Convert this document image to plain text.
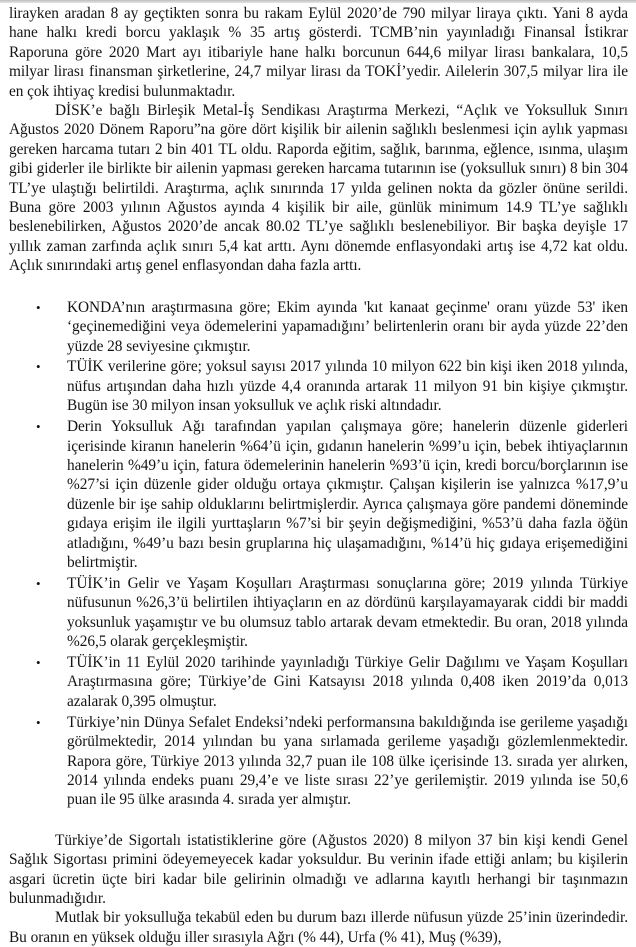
lirayken aradan 8 ay geçtikten sonra bu rakam Eylül 2020’de 790 milyar liraya çıktı. Yani 8 ayda hane halkı kredi borcu yaklaşık % 35 artış gösterdi. TCMB’nin yayınladığı Finansal İstikrar Raporuna göre 2020 Mart ayı itibariyle hane halkı borcunun 644,6 milyar lirası bankalara, 10,5 milyar lirası finansman şirketlerine, 24,7 milyar lirası da TOKİ’yedir. Ailelerin 307,5 milyar lira ile en çok ihtiyaç kredisi bulunmaktadır.

DİSK’e bağlı Birleşik Metal-İş Sendikası Araştırma Merkezi, “Açlık ve Yoksulluk Sınırı Ağustos 2020 Dönem Raporu”na göre dört kişilik bir ailenin sağlıklı beslenmesi için aylık yapması gereken harcama tutarı 2 bin 401 TL oldu. Raporda eğitim, sağlık, barınma, eğlence, ısınma, ulaşım gibi giderler ile birlikte bir ailenin yapması gereken harcama tutarının ise (yoksulluk sınırı) 8 bin 304 TL’ye ulaştığı belirtildi. Araştırma, açlık sınırında 17 yılda gelinen nokta da gözler önüne serildi. Buna göre 2003 yılının Ağustos ayında 4 kişilik bir aile, günlük minimum 14.9 TL’ye sağlıklı beslenebilirken, Ağustos 2020’de ancak 80.02 TL’ye sağlıklı beslenebiliyor. Bir başka deyişle 17 yıllık zaman zarfında açlık sınırı 5,4 kat arttı. Aynı dönemde enflasyondaki artış ise 4,72 kat oldu. Açlık sınırındaki artış genel enflasyondan daha fazla arttı.

• KONDA’nın araştırmasına göre; Ekim ayında 'kıt kanaat geçinme' oranı yüzde 53' iken ‘geçinemediğini veya ödemelerini yapamadığını’ belirtenlerin oranı bir ayda yüzde 22’den yüzde 28 seviyesine çıkmıştır.
• TÜİK verilerine göre; yoksul sayısı 2017 yılında 10 milyon 622 bin kişi iken 2018 yılında, nüfus artışından daha hızlı yüzde 4,4 oranında artarak 11 milyon 91 bin kişiye çıkmıştır. Bugün ise 30 milyon insan yoksulluk ve açlık riski altındadır.
• Derin Yoksulluk Ağı tarafından yapılan çalışmaya göre; hanelerin düzenle giderleri içerisinde kiranın hanelerin %64’ü için, gıdanın hanelerin %99’u için, bebek ihtiyaçlarının hanelerin %49’u için, fatura ödemelerinin hanelerin %93’ü için, kredi borcu/borçlarının ise %27’si için düzenle gider olduğu ortaya çıkmıştır. Çalışan kişilerin ise yalnızca %17,9’u düzenle bir işe sahip olduklarını belirtmişlerdir. Ayrıca çalışmaya göre pandemi döneminde gıdaya erişim ile ilgili yurttaşların %7’si bir şeyin değişmediğini, %53’ü daha fazla öğün atladığını, %49’u bazı besin gruplarına hiç ulaşamadığını, %14’ü hiç gıdaya erişemediğini belirtmiştir.
• TÜİK’in Gelir ve Yaşam Koşulları Araştırması sonuçlarına göre; 2019 yılında Türkiye nüfusunun %26,3’ü belirtilen ihtiyaçların en az dördünü karşılayamayarak ciddi bir maddi yoksunluk yaşamıştır ve bu olumsuz tablo artarak devam etmektedir. Bu oran, 2018 yılında %26,5 olarak gerçekleşmiştir.
• TÜİK’in 11 Eylül 2020 tarihinde yayınladığı Türkiye Gelir Dağılımı ve Yaşam Koşulları Araştırmasına göre; Türkiye’de Gini Katsayısı 2018 yılında 0,408 iken 2019’da 0,013 azalarak 0,395 olmuştur.
• Türkiye’nin Dünya Sefalet Endeksi’ndeki performansına bakıldığında ise gerileme yaşadığı görülmektedir, 2014 yılından bu yana sırlamada gerileme yaşadığı gözlemlenmektedir. Rapora göre, Türkiye 2013 yılında 32,7 puan ile 108 ülke içerisinde 13. sırada yer alırken, 2014 yılında endeks puanı 29,4’e ve liste sırası 22’ye gerilemiştir. 2019 yılında ise 50,6 puan ile 95 ülke arasında 4. sırada yer almıştır.

Türkiye’de Sigortalı istatistiklerine göre (Ağustos 2020) 8 milyon 37 bin kişi kendi Genel Sağlık Sigortası primini ödeyemeyecek kadar yoksuldur. Bu verinin ifade ettiği anlam; bu kişilerin asgari ücretin üçte biri kadar bile gelirinin olmadığı ve adlarına kayıtlı herhangi bir taşınmazın bulunmadığıdır.

Mutlak bir yoksulluğa tekabül eden bu durum bazı illerde nüfusun yüzde 25’inin üzerindedir. Bu oranın en yüksek olduğu iller sırasıyla Ağrı (% 44), Urfa (% 41), Muş (%39),
